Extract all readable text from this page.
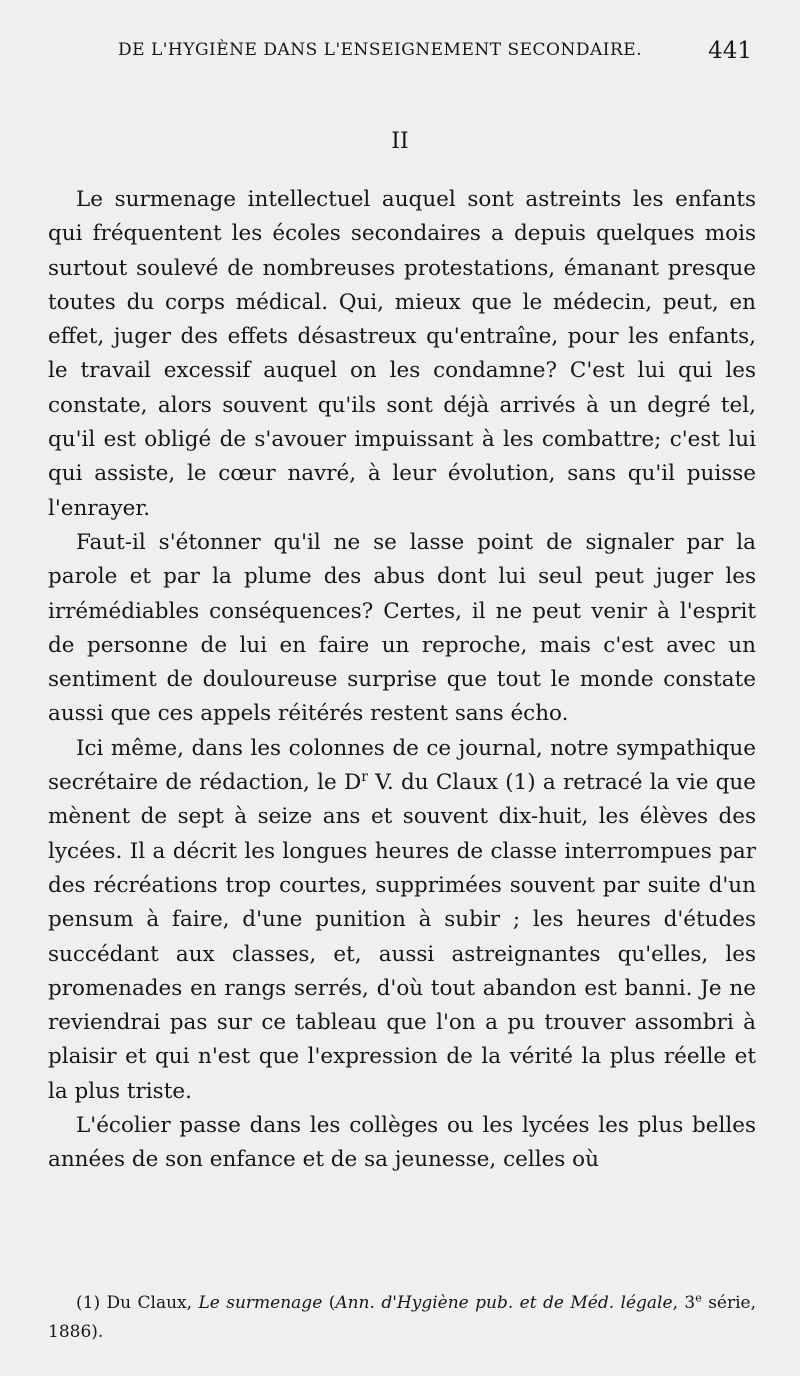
DE L'HYGIÈNE DANS L'ENSEIGNEMENT SECONDAIRE.	441
II

Le surmenage intellectuel auquel sont astreints les enfants qui fréquentent les écoles secondaires a depuis quelques mois surtout soulevé de nombreuses protestations, émanant presque toutes du corps médical. Qui, mieux que le médecin, peut, en effet, juger des effets désastreux qu'entraîne, pour les enfants, le travail excessif auquel on les condamne? C'est lui qui les constate, alors souvent qu'ils sont déjà arrivés à un degré tel, qu'il est obligé de s'avouer impuissant à les combattre; c'est lui qui assiste, le cœur navré, à leur évolution, sans qu'il puisse l'enrayer.

Faut-il s'étonner qu'il ne se lasse point de signaler par la parole et par la plume des abus dont lui seul peut juger les irrémédiables conséquences? Certes, il ne peut venir à l'esprit de personne de lui en faire un reproche, mais c'est avec un sentiment de douloureuse surprise que tout le monde constate aussi que ces appels réitérés restent sans écho.

Ici même, dans les colonnes de ce journal, notre sympathique secrétaire de rédaction, le $D^r$ V. du Claux (1) a retracé la vie que mènent de sept à seize ans et souvent dix-huit, les élèves des lycées. Il a décrit les longues heures de classe interrompues par des récréations trop courtes, supprimées souvent par suite d'un pensum à faire, d'une punition à subir ; les heures d'études succédant aux classes, et, aussi astreignantes qu'elles, les promenades en rangs serrés, d'où tout abandon est banni. Je ne reviendrai pas sur ce tableau que l'on a pu trouver assombri à plaisir et qui n'est que l'expression de la vérité la plus réelle et la plus triste.

L'écolier passe dans les collèges ou les lycées les plus belles années de son enfance et de sa jeunesse, celles où

(1) Du Claux, Le surmenage (Ann. d'Hygiène pub. et de Méd. légale, 3e série, 1886).
